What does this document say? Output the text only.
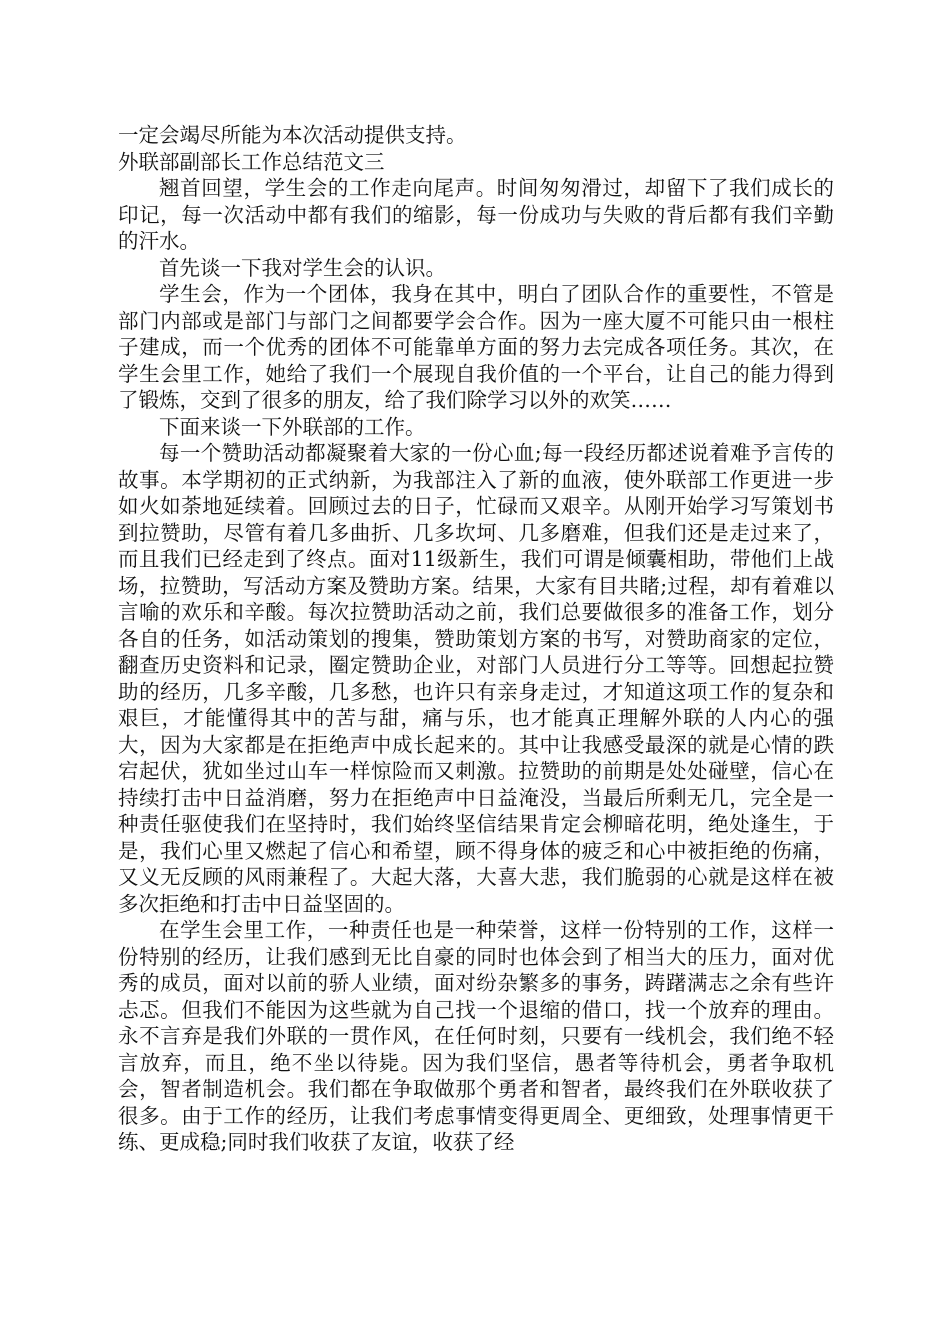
一定会竭尽所能为本次活动提供支持。

外联部副部长工作总结范文三

翘首回望，学生会的工作走向尾声。时间匆匆滑过，却留下了我们成长的印记，每一次活动中都有我们的缩影，每一份成功与失败的背后都有我们辛勤的汗水。

首先谈一下我对学生会的认识。

学生会，作为一个团体，我身在其中，明白了团队合作的重要性，不管是部门内部或是部门与部门之间都要学会合作。因为一座大厦不可能只由一根柱子建成，而一个优秀的团体不可能靠单方面的努力去完成各项任务。其次，在学生会里工作，她给了我们一个展现自我价值的一个平台，让自己的能力得到了锻炼，交到了很多的朋友，给了我们除学习以外的欢笑……

下面来谈一下外联部的工作。

每一个赞助活动都凝聚着大家的一份心血;每一段经历都述说着难予言传的故事。本学期初的正式纳新，为我部注入了新的血液，使外联部工作更进一步如火如荼地延续着。回顾过去的日子，忙碌而又艰辛。从刚开始学习写策划书到拉赞助，尽管有着几多曲折、几多坎坷、几多磨难，但我们还是走过来了，而且我们已经走到了终点。面对11级新生，我们可谓是倾囊相助，带他们上战场，拉赞助，写活动方案及赞助方案。结果，大家有目共睹;过程，却有着难以言喻的欢乐和辛酸。每次拉赞助活动之前，我们总要做很多的准备工作，划分各自的任务，如活动策划的搜集，赞助策划方案的书写，对赞助商家的定位，翻查历史资料和记录，圈定赞助企业，对部门人员进行分工等等。回想起拉赞助的经历，几多辛酸，几多愁，也许只有亲身走过，才知道这项工作的复杂和艰巨，才能懂得其中的苦与甜，痛与乐，也才能真正理解外联的人内心的强大，因为大家都是在拒绝声中成长起来的。其中让我感受最深的就是心情的跌宕起伏，犹如坐过山车一样惊险而又刺激。拉赞助的前期是处处碰壁，信心在持续打击中日益消磨，努力在拒绝声中日益淹没，当最后所剩无几，完全是一种责任驱使我们在坚持时，我们始终坚信结果肯定会柳暗花明，绝处逢生，于是，我们心里又燃起了信心和希望，顾不得身体的疲乏和心中被拒绝的伤痛，又义无反顾的风雨兼程了。大起大落，大喜大悲，我们脆弱的心就是这样在被多次拒绝和打击中日益坚固的。

在学生会里工作，一种责任也是一种荣誉，这样一份特别的工作，这样一份特别的经历，让我们感到无比自豪的同时也体会到了相当大的压力，面对优秀的成员，面对以前的骄人业绩，面对纷杂繁多的事务，踌躇满志之余有些许忐忑。但我们不能因为这些就为自己找一个退缩的借口，找一个放弃的理由。永不言弃是我们外联的一贯作风，在任何时刻，只要有一线机会，我们绝不轻言放弃，而且，绝不坐以待毙。因为我们坚信，愚者等待机会，勇者争取机会，智者制造机会。我们都在争取做那个勇者和智者，最终我们在外联收获了很多。由于工作的经历，让我们考虑事情变得更周全、更细致，处理事情更干练、更成稳;同时我们收获了友谊，收获了经
